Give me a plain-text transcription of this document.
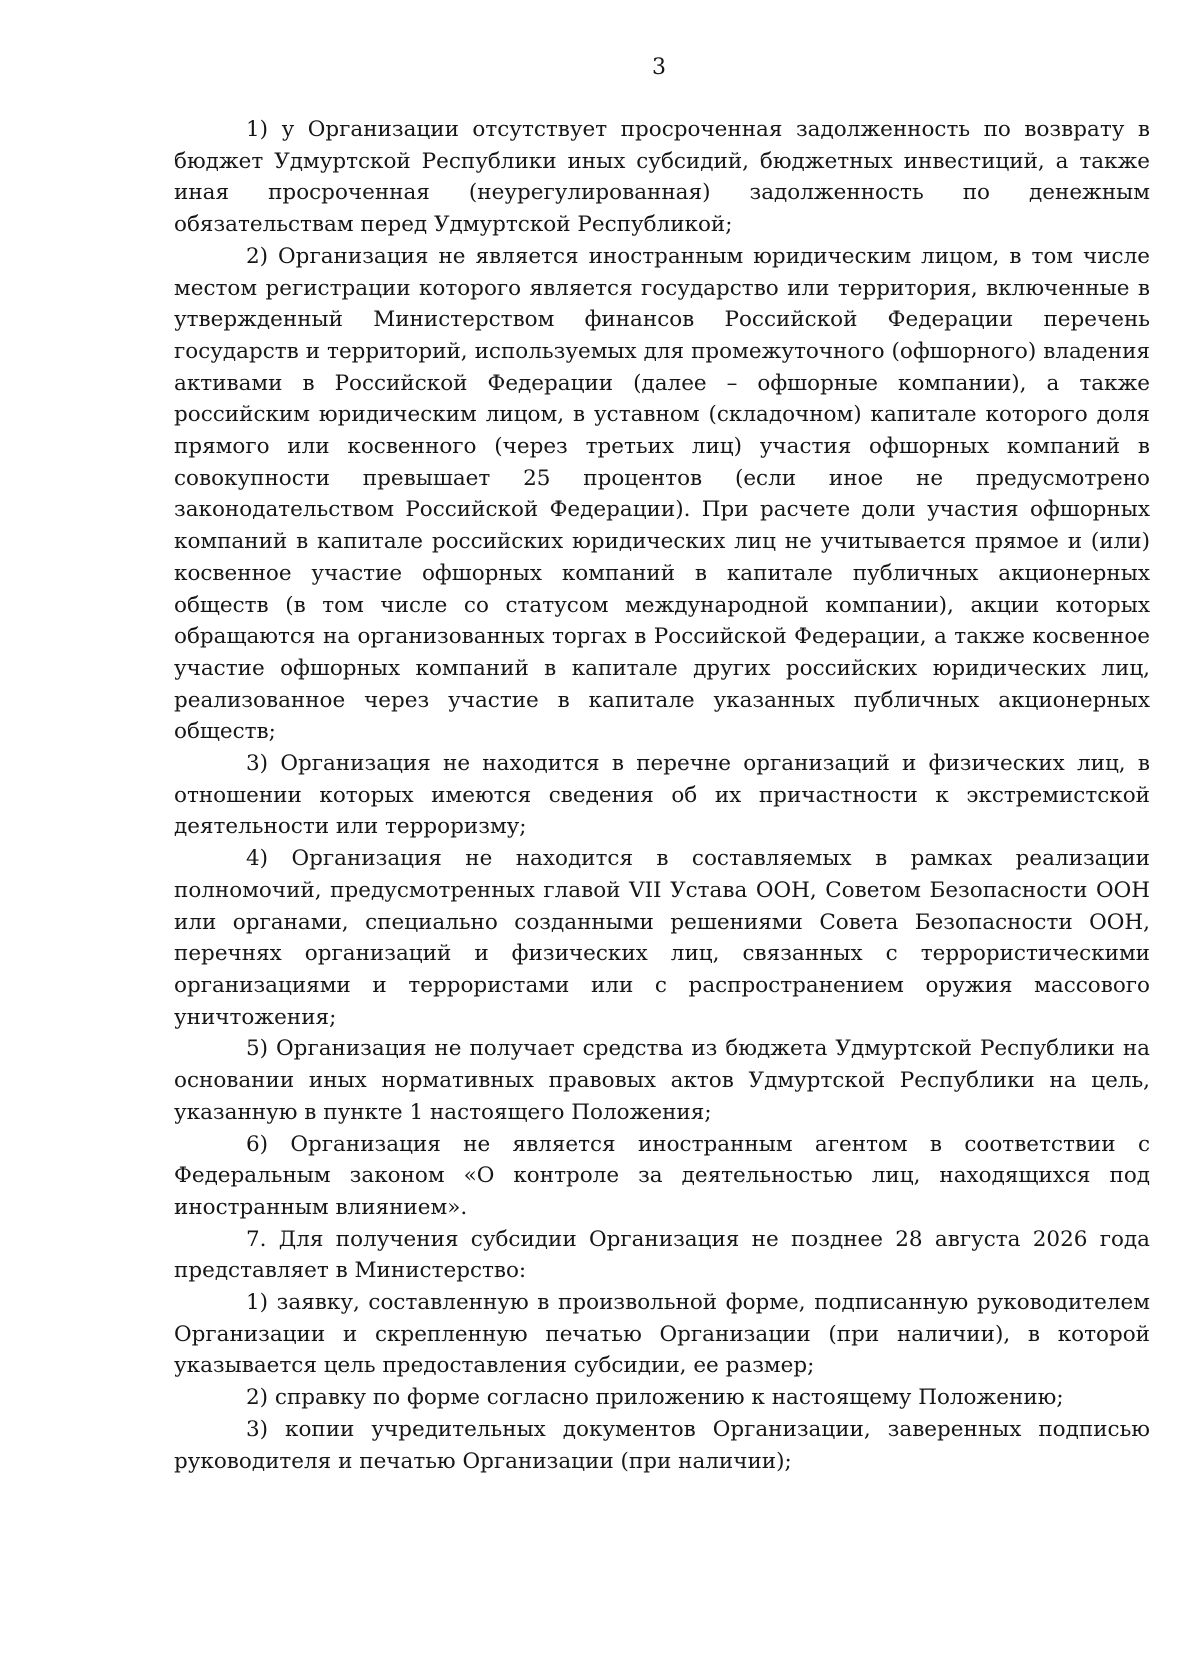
3

1) у Организации отсутствует просроченная задолженность по возврату в бюджет Удмуртской Республики иных субсидий, бюджетных инвестиций, а также иная просроченная (неурегулированная) задолженность по денежным обязательствам перед Удмуртской Республикой;

2) Организация не является иностранным юридическим лицом, в том числе местом регистрации которого является государство или территория, включенные в утвержденный Министерством финансов Российской Федерации перечень государств и территорий, используемых для промежуточного (офшорного) владения активами в Российской Федерации (далее – офшорные компании), а также российским юридическим лицом, в уставном (складочном) капитале которого доля прямого или косвенного (через третьих лиц) участия офшорных компаний в совокупности превышает 25 процентов (если иное не предусмотрено законодательством Российской Федерации). При расчете доли участия офшорных компаний в капитале российских юридических лиц не учитывается прямое и (или) косвенное участие офшорных компаний в капитале публичных акционерных обществ (в том числе со статусом международной компании), акции которых обращаются на организованных торгах в Российской Федерации, а также косвенное участие офшорных компаний в капитале других российских юридических лиц, реализованное через участие в капитале указанных публичных акционерных обществ;

3) Организация не находится в перечне организаций и физических лиц, в отношении которых имеются сведения об их причастности к экстремистской деятельности или терроризму;

4) Организация не находится в составляемых в рамках реализации полномочий, предусмотренных главой VII Устава ООН, Советом Безопасности ООН или органами, специально созданными решениями Совета Безопасности ООН, перечнях организаций и физических лиц, связанных с террористическими организациями и террористами или с распространением оружия массового уничтожения;

5) Организация не получает средства из бюджета Удмуртской Республики на основании иных нормативных правовых актов Удмуртской Республики на цель, указанную в пункте 1 настоящего Положения;

6) Организация не является иностранным агентом в соответствии с Федеральным законом «О контроле за деятельностью лиц, находящихся под иностранным влиянием».

7. Для получения субсидии Организация не позднее 28 августа 2026 года представляет в Министерство:

1) заявку, составленную в произвольной форме, подписанную руководителем Организации и скрепленную печатью Организации (при наличии), в которой указывается цель предоставления субсидии, ее размер;

2) справку по форме согласно приложению к настоящему Положению;

3) копии учредительных документов Организации, заверенных подписью руководителя и печатью Организации (при наличии);
